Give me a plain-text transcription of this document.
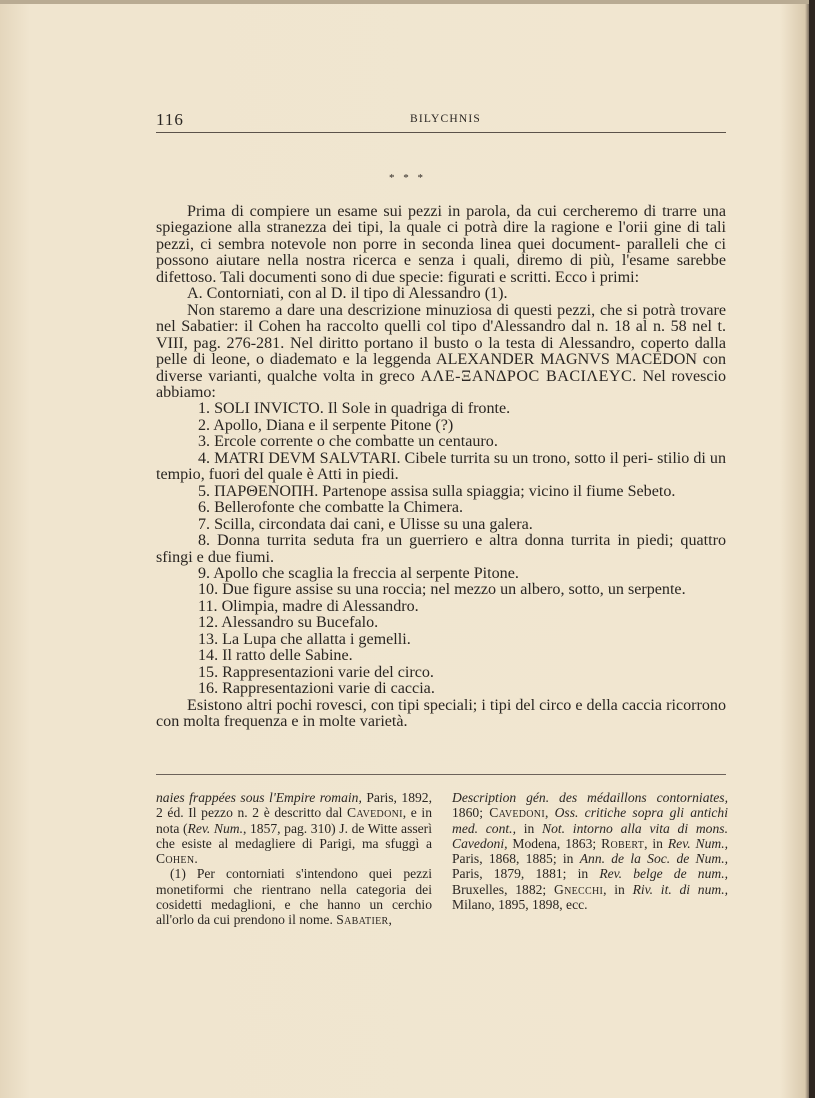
116	BILYCHNIS
* * *

Prima di compiere un esame sui pezzi in parola, da cui cercheremo di trarre una spiegazione alla stranezza dei tipi, la quale ci potrà dire la ragione e l'orii gine di tali pezzi, ci sembra notevole non porre in seconda linea quei document- paralleli che ci possono aiutare nella nostra ricerca e senza i quali, diremo di più, l'esame sarebbe difettoso. Tali documenti sono di due specie: figurati e scritti. Ecco i primi:

A. Contorniati, con al D. il tipo di Alessandro (1).

Non staremo a dare una descrizione minuziosa di questi pezzi, che si potrà trovare nel Sabatier: il Cohen ha raccolto quelli col tipo d'Alessandro dal n. 18 al n. 58 nel t. VIII, pag. 276-281. Nel diritto portano il busto o la testa di Alessandro, coperto dalla pelle di leone, o diademato e la leggenda ALEXANDER MAGNVS MACEDON con diverse varianti, qualche volta in greco ΑΛΕ-ΞΑΝΔΡΟC ΒΑCΙΛΕΥC. Nel rovescio abbiamo:

1. SOLI INVICTO. Il Sole in quadriga di fronte.

2. Apollo, Diana e il serpente Pitone (?)

3. Ercole corrente o che combatte un centauro.

4. MATRI DEVM SALVTARI. Cibele turrita su un trono, sotto il peri- stilio di un tempio, fuori del quale è Atti in piedi.

5. ΠΑΡΘΕΝΟΠΗ. Partenope assisa sulla spiaggia; vicino il fiume Sebeto.

6. Bellerofonte che combatte la Chimera.

7. Scilla, circondata dai cani, e Ulisse su una galera.

8. Donna turrita seduta fra un guerriero e altra donna turrita in piedi; quattro sfingi e due fiumi.

9. Apollo che scaglia la freccia al serpente Pitone.

10. Due figure assise su una roccia; nel mezzo un albero, sotto, un serpente.

11. Olimpia, madre di Alessandro.

12. Alessandro su Bucefalo.

13. La Lupa che allatta i gemelli.

14. Il ratto delle Sabine.

15. Rappresentazioni varie del circo.

16. Rappresentazioni varie di caccia.

Esistono altri pochi rovesci, con tipi speciali; i tipi del circo e della caccia ricorrono con molta frequenza e in molte varietà.

naies frappées sous l'Empire romain, Paris, 1892, 2 éd. Il pezzo n. 2 è descritto dal Cavedoni, e in nota (Rev. Num., 1857, pag. 310) J. de Witte asserì che esiste al medagliere di Parigi, ma sfuggì a Cohen.

(1) Per contorniati s'intendono quei pezzi monetiformi che rientrano nella categoria dei cosidetti medaglioni, e che hanno un cerchio all'orlo da cui prendono il nome. Sabatier,

Description gén. des médaillons contorniates, 1860; Cavedoni, Oss. critiche sopra gli antichi med. cont., in Not. intorno alla vita di mons. Cavedoni, Modena, 1863; Robert, in Rev. Num., Paris, 1868, 1885; in Ann. de la Soc. de Num., Paris, 1879, 1881; in Rev. belge de num., Bruxelles, 1882; Gnecchi, in Riv. it. di num., Milano, 1895, 1898, ecc.
